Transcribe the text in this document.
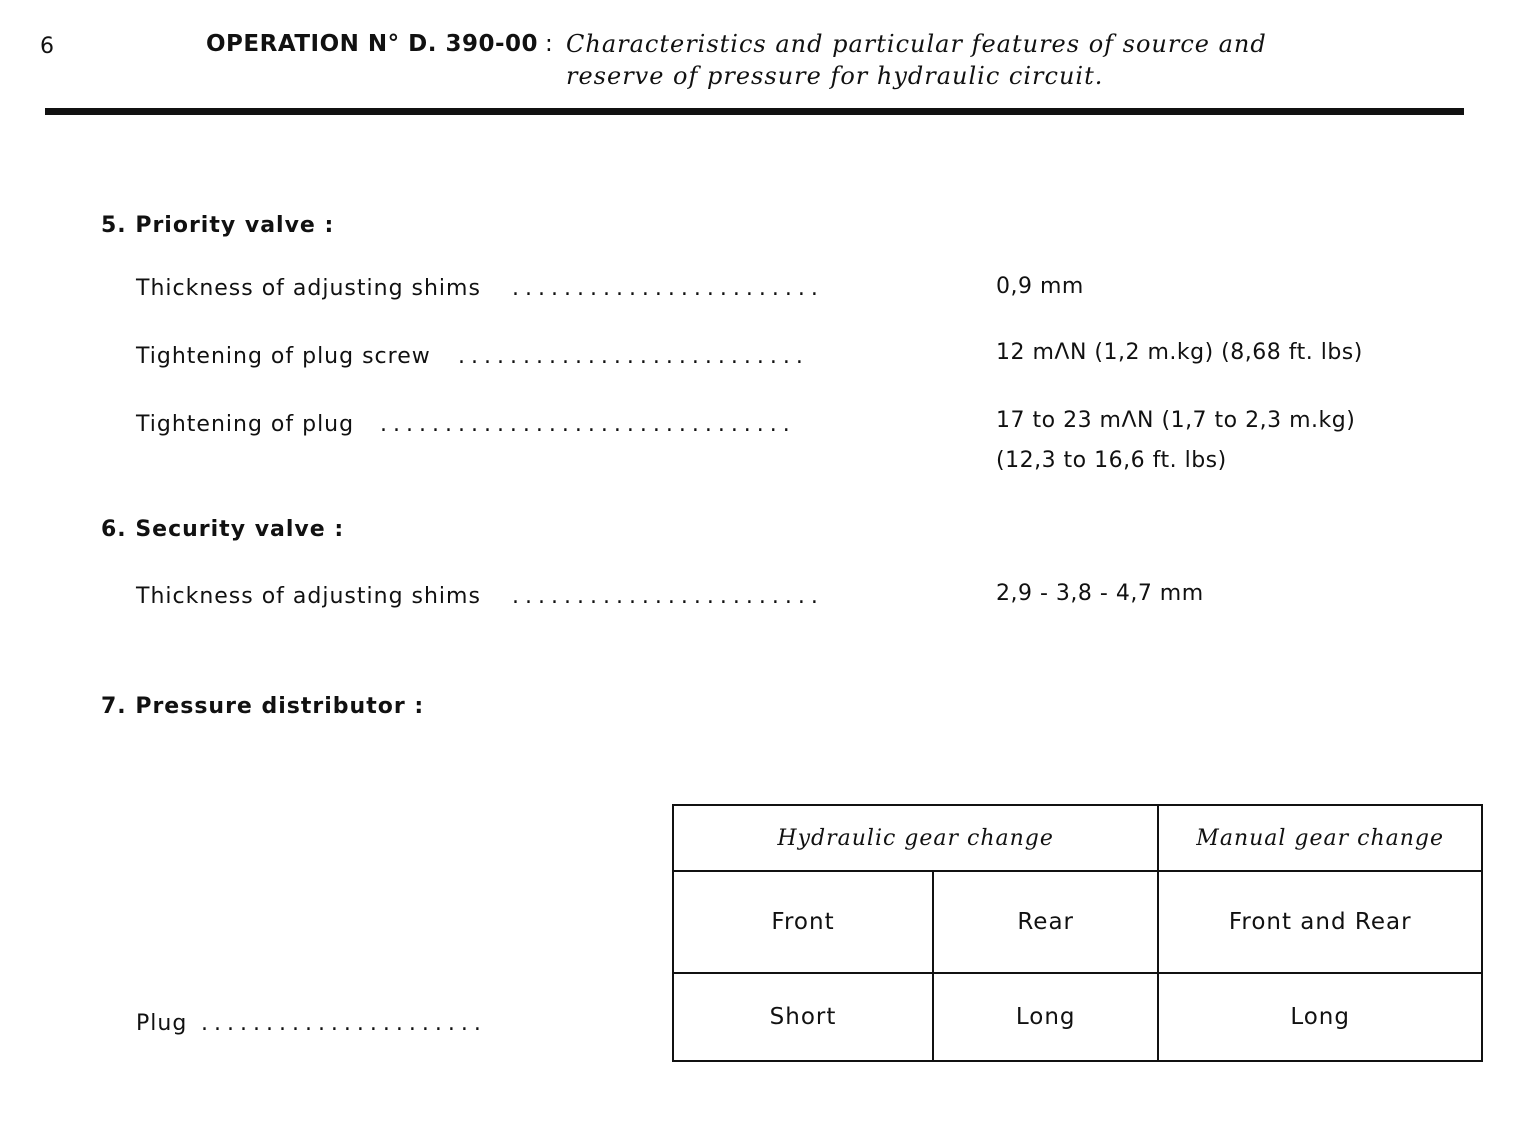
6	OPERATION N° D. 390-00 : Characteristics and particular features of source and
reserve of pressure for hydraulic circuit.
5. Priority valve :
Thickness of adjusting shims ........................	0,9 mm
Tightening of plug screw ...........................	12 mΛN (1,2 m.kg) (8,68 ft. lbs)
Tightening of plug ................................	17 to 23 mΛN (1,7 to 2,3 m.kg)
(12,3 to 16,6 ft. lbs)
6. Security valve :
Thickness of adjusting shims ........................	2,9 - 3,8 - 4,7 mm
7. Pressure distributor :
Plug ......................
Hydraulic gear change		Manual gear change
Front	Rear	Front and Rear
Short	Long	Long
